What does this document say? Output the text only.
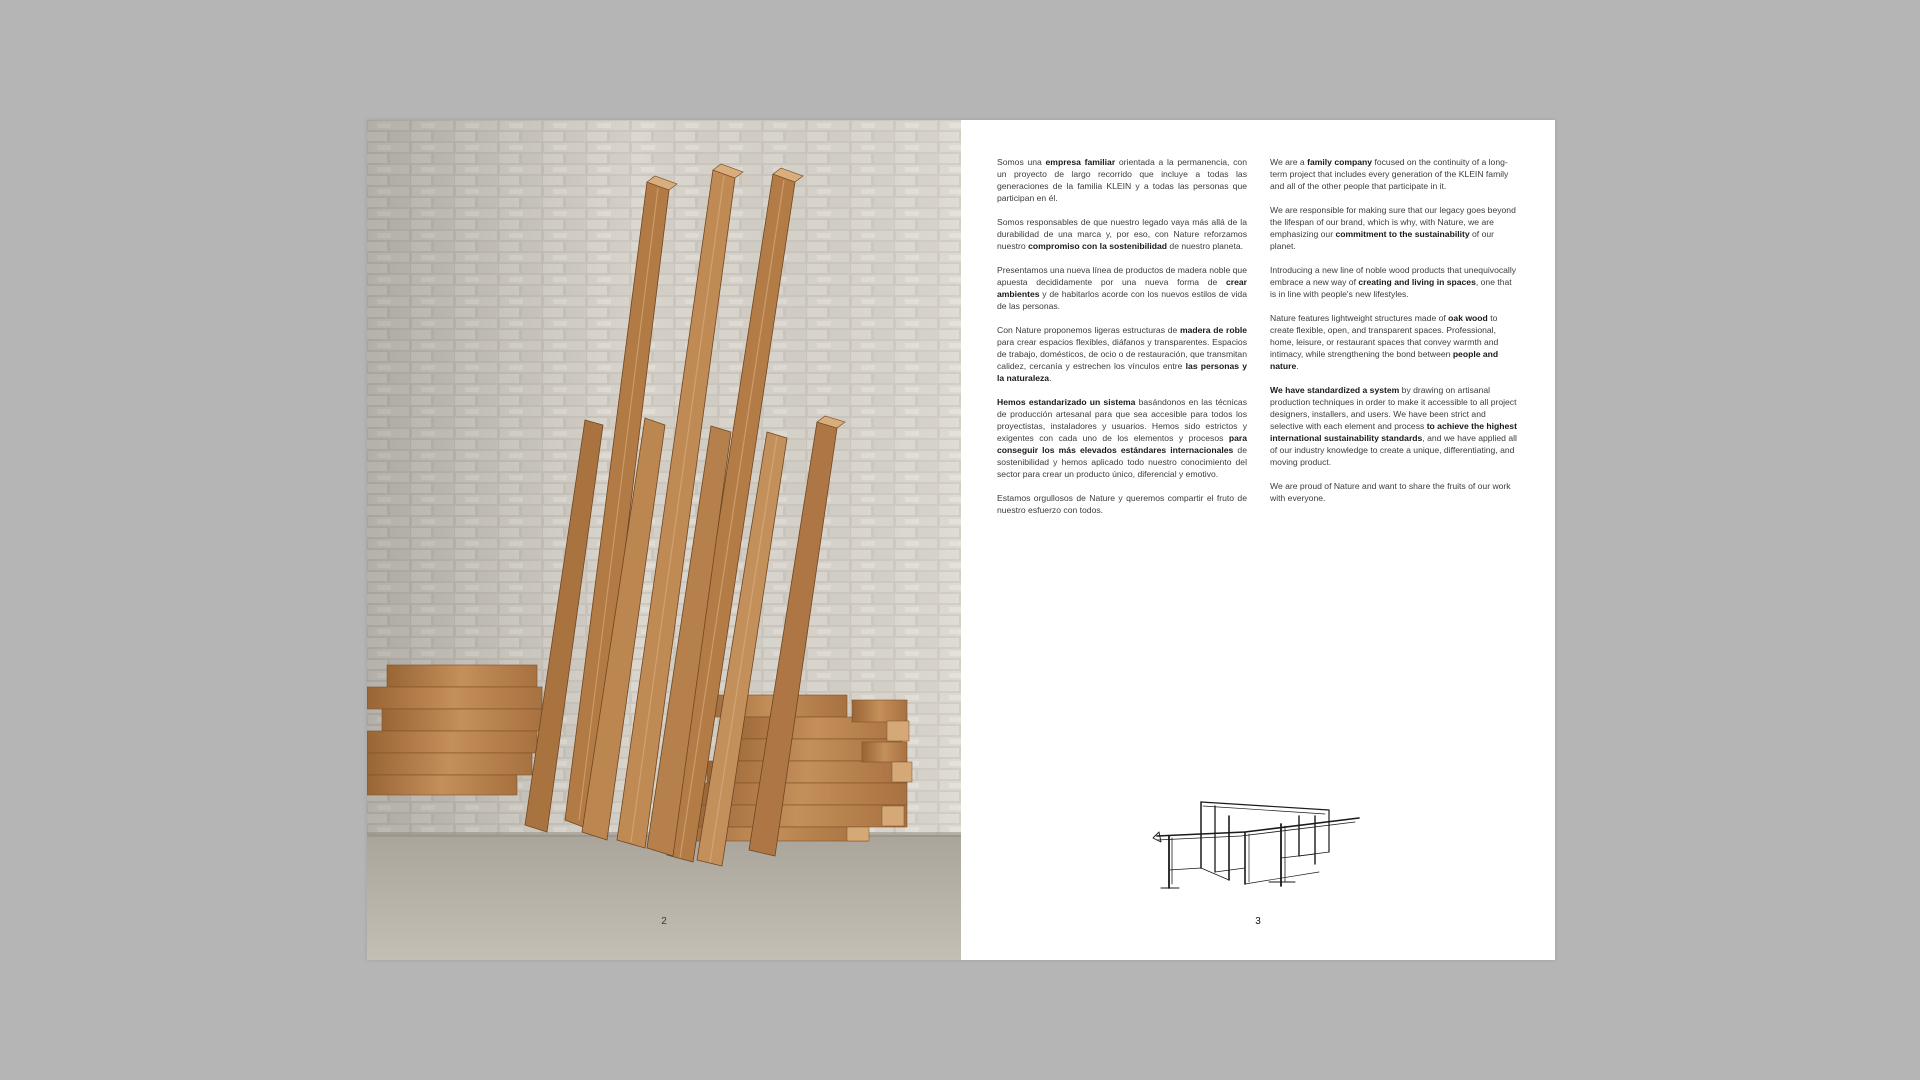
2

Somos una empresa familiar orientada a la permanencia, con un proyecto de largo recorrido que incluye a todas las generaciones de la familia KLEIN y a todas las personas que participan en él.

Somos responsables de que nuestro legado vaya más allá de la durabilidad de una marca y, por eso, con Nature reforzamos nuestro compromiso con la sostenibilidad de nuestro planeta.

Presentamos una nueva línea de productos de madera noble que apuesta decididamente por una nueva forma de crear ambientes y de habitarlos acorde con los nuevos estilos de vida de las personas.

Con Nature proponemos ligeras estructuras de madera de roble para crear espacios flexibles, diáfanos y transparentes. Espacios de trabajo, domésticos, de ocio o de restauración, que transmitan calidez, cercanía y estrechen los vínculos entre las personas y la naturaleza.

Hemos estandarizado un sistema basándonos en las técnicas de producción artesanal para que sea accesible para todos los proyectistas, instaladores y usuarios. Hemos sido estrictos y exigentes con cada uno de los elementos y procesos para conseguir los más elevados estándares internacionales de sostenibilidad y hemos aplicado todo nuestro conocimiento del sector para crear un producto único, diferencial y emotivo.

Estamos orgullosos de Nature y queremos compartir el fruto de nuestro esfuerzo con todos.

We are a family company focused on the continuity of a long-term project that includes every generation of the KLEIN family and all of the other people that participate in it.

We are responsible for making sure that our legacy goes beyond the lifespan of our brand, which is why, with Nature, we are emphasizing our commitment to the sustainability of our planet.

Introducing a new line of noble wood products that unequivocally embrace a new way of creating and living in spaces, one that is in line with people's new lifestyles.

Nature features lightweight structures made of oak wood to create flexible, open, and transparent spaces. Professional, home, leisure, or restaurant spaces that convey warmth and intimacy, while strengthening the bond between people and nature.

We have standardized a system by drawing on artisanal production techniques in order to make it accessible to all project designers, installers, and users. We have been strict and selective with each element and process to achieve the highest international sustainability standards, and we have applied all of our industry knowledge to create a unique, differentiating, and moving product.

We are proud of Nature and want to share the fruits of our work with everyone.

3
